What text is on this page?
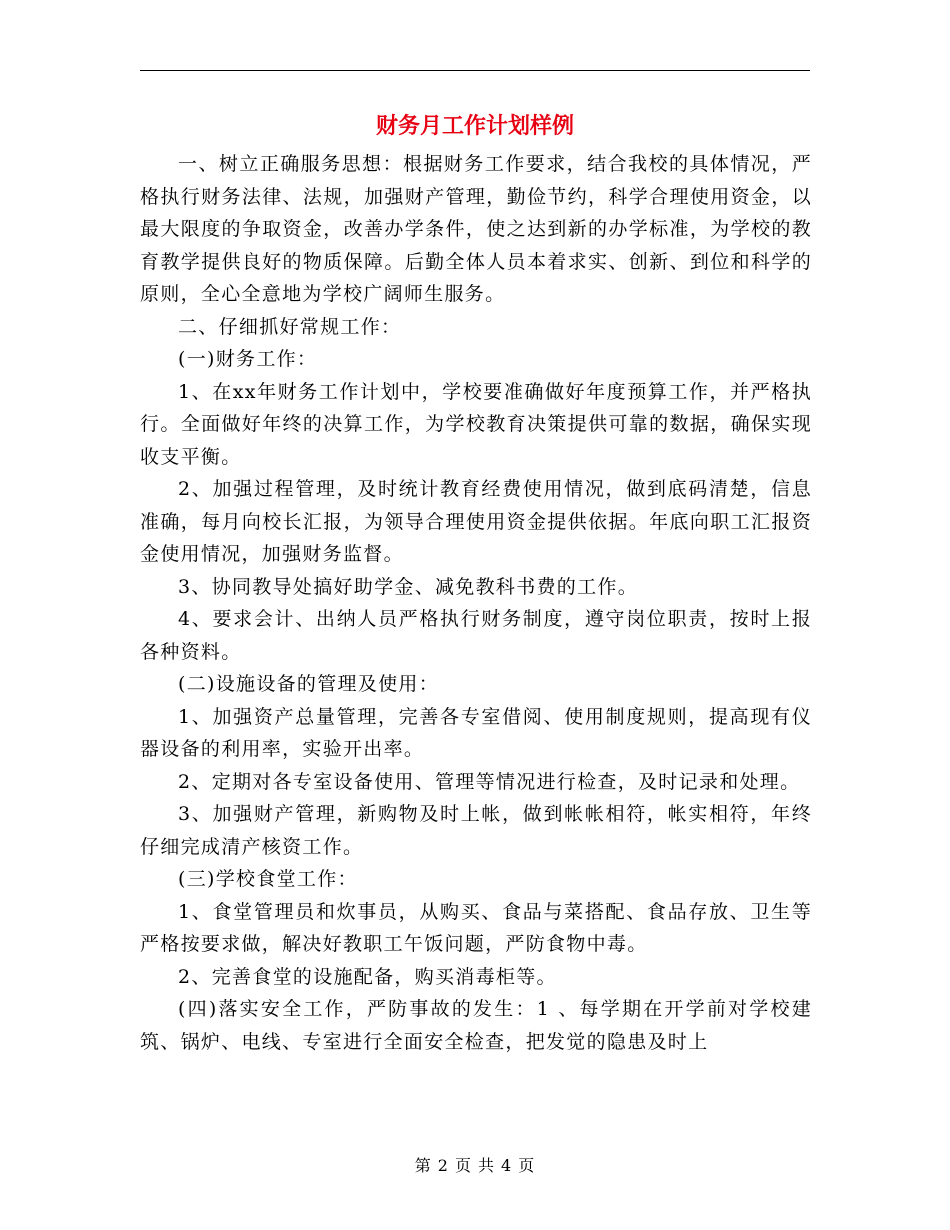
财务月工作计划样例

一、树立正确服务思想：根据财务工作要求，结合我校的具体情况，严格执行财务法律、法规，加强财产管理，勤俭节约，科学合理使用资金，以最大限度的争取资金，改善办学条件，使之达到新的办学标准，为学校的教育教学提供良好的物质保障。后勤全体人员本着求实、创新、到位和科学的原则，全心全意地为学校广阔师生服务。

二、仔细抓好常规工作：

(一)财务工作：

1、在xx年财务工作计划中，学校要准确做好年度预算工作，并严格执行。全面做好年终的决算工作，为学校教育决策提供可靠的数据，确保实现收支平衡。

2、加强过程管理，及时统计教育经费使用情况，做到底码清楚，信息准确，每月向校长汇报，为领导合理使用资金提供依据。年底向职工汇报资金使用情况，加强财务监督。

3、协同教导处搞好助学金、减免教科书费的工作。

4、要求会计、出纳人员严格执行财务制度，遵守岗位职责，按时上报各种资料。

(二)设施设备的管理及使用：

1、加强资产总量管理，完善各专室借阅、使用制度规则，提高现有仪器设备的利用率，实验开出率。

2、定期对各专室设备使用、管理等情况进行检查，及时记录和处理。

3、加强财产管理，新购物及时上帐，做到帐帐相符，帐实相符，年终仔细完成清产核资工作。

(三)学校食堂工作：

1、食堂管理员和炊事员，从购买、食品与菜搭配、食品存放、卫生等严格按要求做，解决好教职工午饭问题，严防食物中毒。

2、完善食堂的设施配备，购买消毒柜等。

(四)落实安全工作，严防事故的发生：1 、每学期在开学前对学校建筑、锅炉、电线、专室进行全面安全检查，把发觉的隐患及时上

第 2 页 共 4 页
